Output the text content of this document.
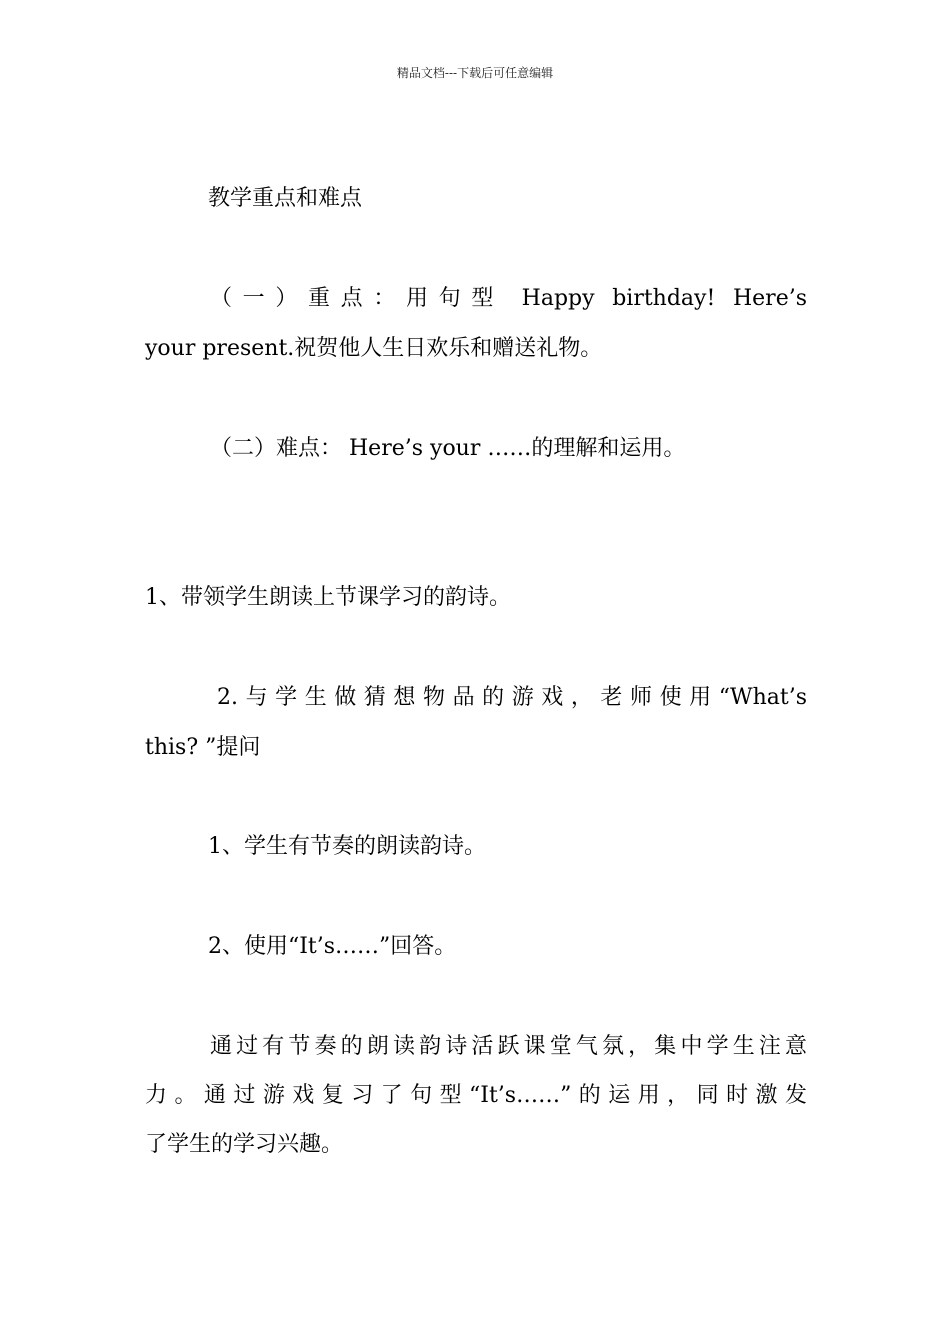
精品文档---下载后可任意编辑
教学重点和难点
（一）重点：用句型 Happy birthday! Here’s
your present.祝贺他人生日欢乐和赠送礼物。
（二）难点： Here’s your ……的理解和运用。
1、带领学生朗读上节课学习的韵诗。
2.与学生做猜想物品的游戏，老师使用“What’s
this? ”提问
1、学生有节奏的朗读韵诗。
2、使用“It’s……”回答。
通过有节奏的朗读韵诗活跃课堂气氛，集中学生注意
力。通过游戏复习了句型“It’s……”的运用，同时激发
了学生的学习兴趣。
